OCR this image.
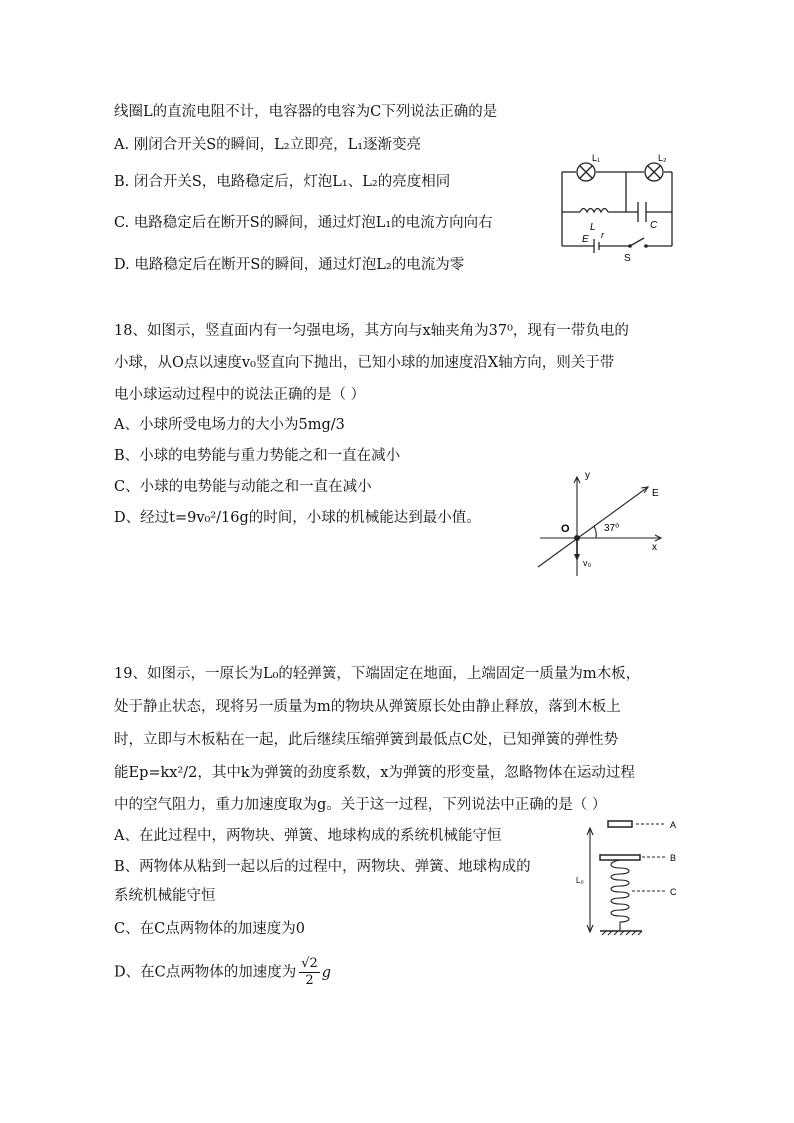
线圈L的直流电阻不计，电容器的电容为C下列说法正确的是
A. 刚闭合开关S的瞬间，L₂立即亮，L₁逐渐变亮
B. 闭合开关S，电路稳定后，灯泡L₁、L₂的亮度相同
C. 电路稳定后在断开S的瞬间，通过灯泡L₁的电流方向向右
D. 电路稳定后在断开S的瞬间，通过灯泡L₂的电流为零
L₁	L₂
L	C
E r
S
18、如图示，竖直面内有一匀强电场，其方向与x轴夹角为37⁰，现有一带负电的
小球，从O点以速度v₀竖直向下抛出，已知小球的加速度沿X轴方向，则关于带
电小球运动过程中的说法正确的是（ ）
A、小球所受电场力的大小为5mg/3
B、小球的电势能与重力势能之和一直在减小
C、小球的电势能与动能之和一直在减小
D、经过t=9v₀²/16g的时间，小球的机械能达到最小值。
y
x
E
O	37⁰
v₀
19、如图示，一原长为L₀的轻弹簧，下端固定在地面，上端固定一质量为m木板，
处于静止状态，现将另一质量为m的物块从弹簧原长处由静止释放，落到木板上
时，立即与木板粘在一起，此后继续压缩弹簧到最低点C处，已知弹簧的弹性势
能Ep=kx²/2，其中k为弹簧的劲度系数，x为弹簧的形变量，忽略物体在运动过程
中的空气阻力，重力加速度取为g。关于这一过程，下列说法中正确的是（ ）
A、在此过程中，两物块、弹簧、地球构成的系统机械能守恒
B、两物体从粘到一起以后的过程中，两物块、弹簧、地球构成的
系统机械能守恒
C、在C点两物体的加速度为0
D、在C点两物体的加速度为 $\frac{√2}{2}$ g
A
B
C
L₀
